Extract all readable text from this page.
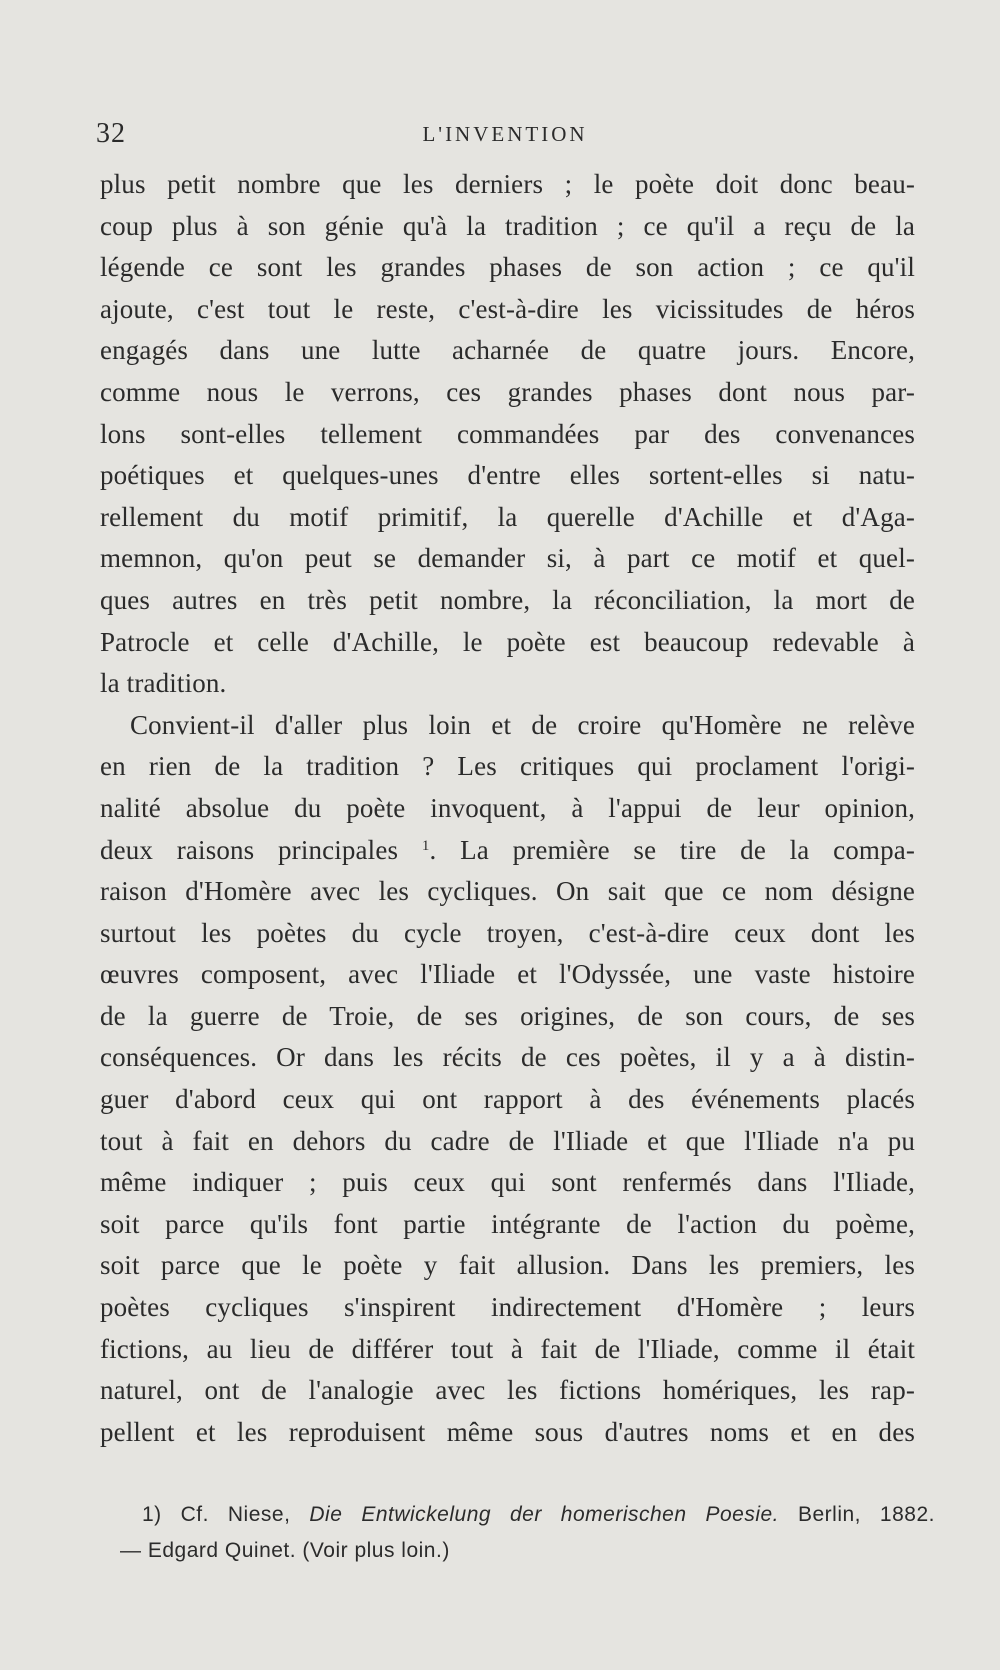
32	L'INVENTION
plus petit nombre que les derniers ; le poète doit donc beau-
coup plus à son génie qu'à la tradition ; ce qu'il a reçu de la
légende ce sont les grandes phases de son action ; ce qu'il
ajoute, c'est tout le reste, c'est-à-dire les vicissitudes de héros
engagés dans une lutte acharnée de quatre jours. Encore,
comme nous le verrons, ces grandes phases dont nous par-
lons sont-elles tellement commandées par des convenances
poétiques et quelques-unes d'entre elles sortent-elles si natu-
rellement du motif primitif, la querelle d'Achille et d'Aga-
memnon, qu'on peut se demander si, à part ce motif et quel-
ques autres en très petit nombre, la réconciliation, la mort de
Patrocle et celle d'Achille, le poète est beaucoup redevable à
la tradition.
Convient-il d'aller plus loin et de croire qu'Homère ne relève
en rien de la tradition ? Les critiques qui proclament l'origi-
nalité absolue du poète invoquent, à l'appui de leur opinion,
deux raisons principales $^1$. La première se tire de la compa-
raison d'Homère avec les cycliques. On sait que ce nom désigne
surtout les poètes du cycle troyen, c'est-à-dire ceux dont les
œuvres composent, avec l'Iliade et l'Odyssée, une vaste histoire
de la guerre de Troie, de ses origines, de son cours, de ses
conséquences. Or dans les récits de ces poètes, il y a à distin-
guer d'abord ceux qui ont rapport à des événements placés
tout à fait en dehors du cadre de l'Iliade et que l'Iliade n'a pu
même indiquer ; puis ceux qui sont renfermés dans l'Iliade,
soit parce qu'ils font partie intégrante de l'action du poème,
soit parce que le poète y fait allusion. Dans les premiers, les
poètes cycliques s'inspirent indirectement d'Homère ; leurs
fictions, au lieu de différer tout à fait de l'Iliade, comme il était
naturel, ont de l'analogie avec les fictions homériques, les rap-
pellent et les reproduisent même sous d'autres noms et en des
1) Cf. Niese, Die Entwickelung der homerischen Poesie. Berlin, 1882.
— Edgard Quinet. (Voir plus loin.)
